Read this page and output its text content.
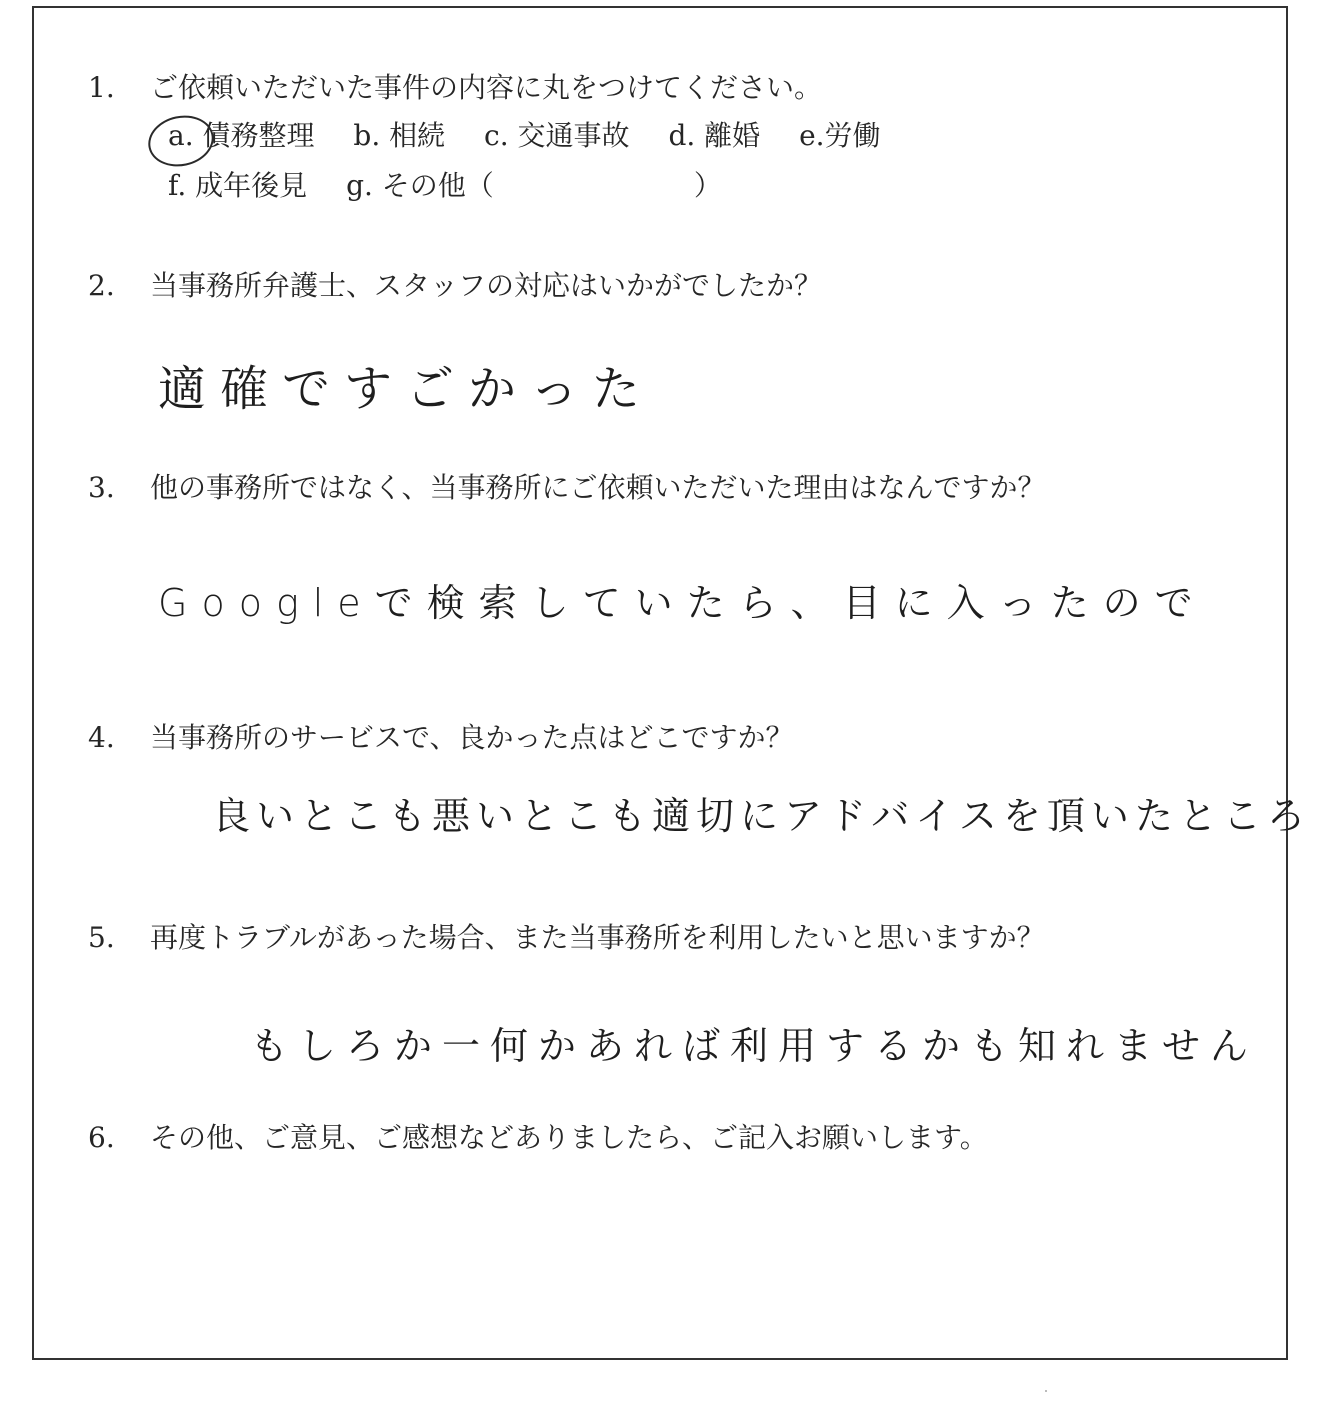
1. ご依頼いただいた事件の内容に丸をつけてください。
a. 債務整理 b. 相続 c. 交通事故 d. 離婚 e.労働
f. 成年後見 g. その他（	）
2. 当事務所弁護士、スタッフの対応はいかがでしたか？
適確ですごかった
3. 他の事務所ではなく、当事務所にご依頼いただいた理由はなんですか？
Googleで検索していたら、目に入ったので
4. 当事務所のサービスで、良かった点はどこですか？
良いとこも悪いとこも適切にアドバイスを頂いたところ
5. 再度トラブルがあった場合、また当事務所を利用したいと思いますか？
もしろか一何かあれば利用するかも知れません
6. その他、ご意見、ご感想などありましたら、ご記入お願いします。
